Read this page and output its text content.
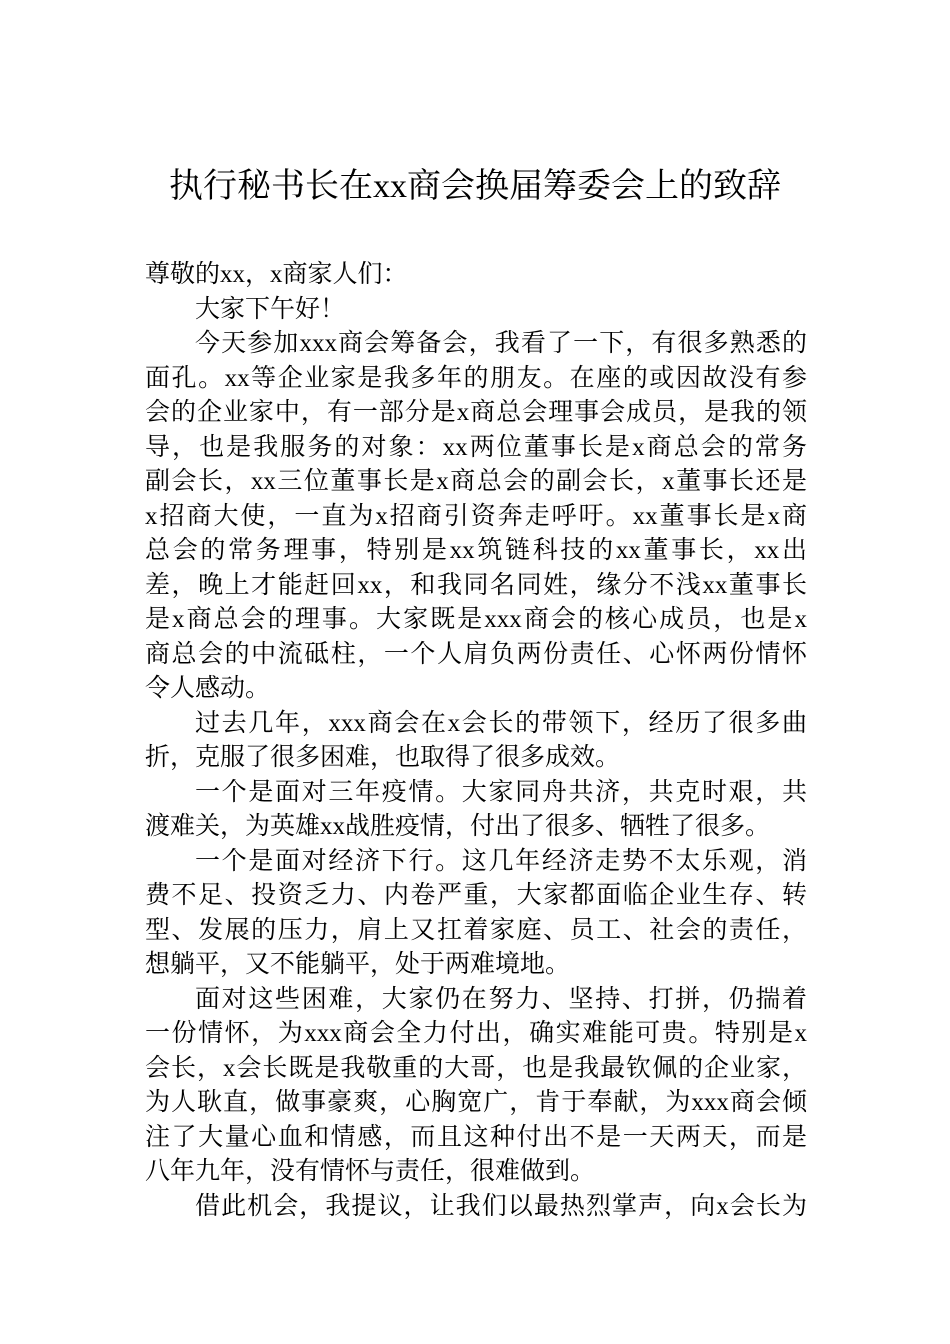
执行秘书长在xx商会换届筹委会上的致辞
尊敬的xx，x商家人们：
大家下午好！
今天参加xxx商会筹备会，我看了一下，有很多熟悉的
面孔。xx等企业家是我多年的朋友。在座的或因故没有参
会的企业家中，有一部分是x商总会理事会成员，是我的领
导，也是我服务的对象：xx两位董事长是x商总会的常务
副会长，xx三位董事长是x商总会的副会长，x董事长还是
x招商大使，一直为x招商引资奔走呼吁。xx董事长是x商
总会的常务理事，特别是xx筑链科技的xx董事长，xx出
差，晚上才能赶回xx，和我同名同姓，缘分不浅xx董事长
是x商总会的理事。大家既是xxx商会的核心成员，也是x
商总会的中流砥柱，一个人肩负两份责任、心怀两份情怀
令人感动。
过去几年，xxx商会在x会长的带领下，经历了很多曲
折，克服了很多困难，也取得了很多成效。
一个是面对三年疫情。大家同舟共济，共克时艰，共
渡难关，为英雄xx战胜疫情，付出了很多、牺牲了很多。
一个是面对经济下行。这几年经济走势不太乐观，消
费不足、投资乏力、内卷严重，大家都面临企业生存、转
型、发展的压力，肩上又扛着家庭、员工、社会的责任，
想躺平，又不能躺平，处于两难境地。
面对这些困难，大家仍在努力、坚持、打拼，仍揣着
一份情怀，为xxx商会全力付出，确实难能可贵。特别是x
会长，x会长既是我敬重的大哥，也是我最钦佩的企业家，
为人耿直，做事豪爽，心胸宽广，肯于奉献，为xxx商会倾
注了大量心血和情感，而且这种付出不是一天两天，而是
八年九年，没有情怀与责任，很难做到。
借此机会，我提议，让我们以最热烈掌声，向x会长为
